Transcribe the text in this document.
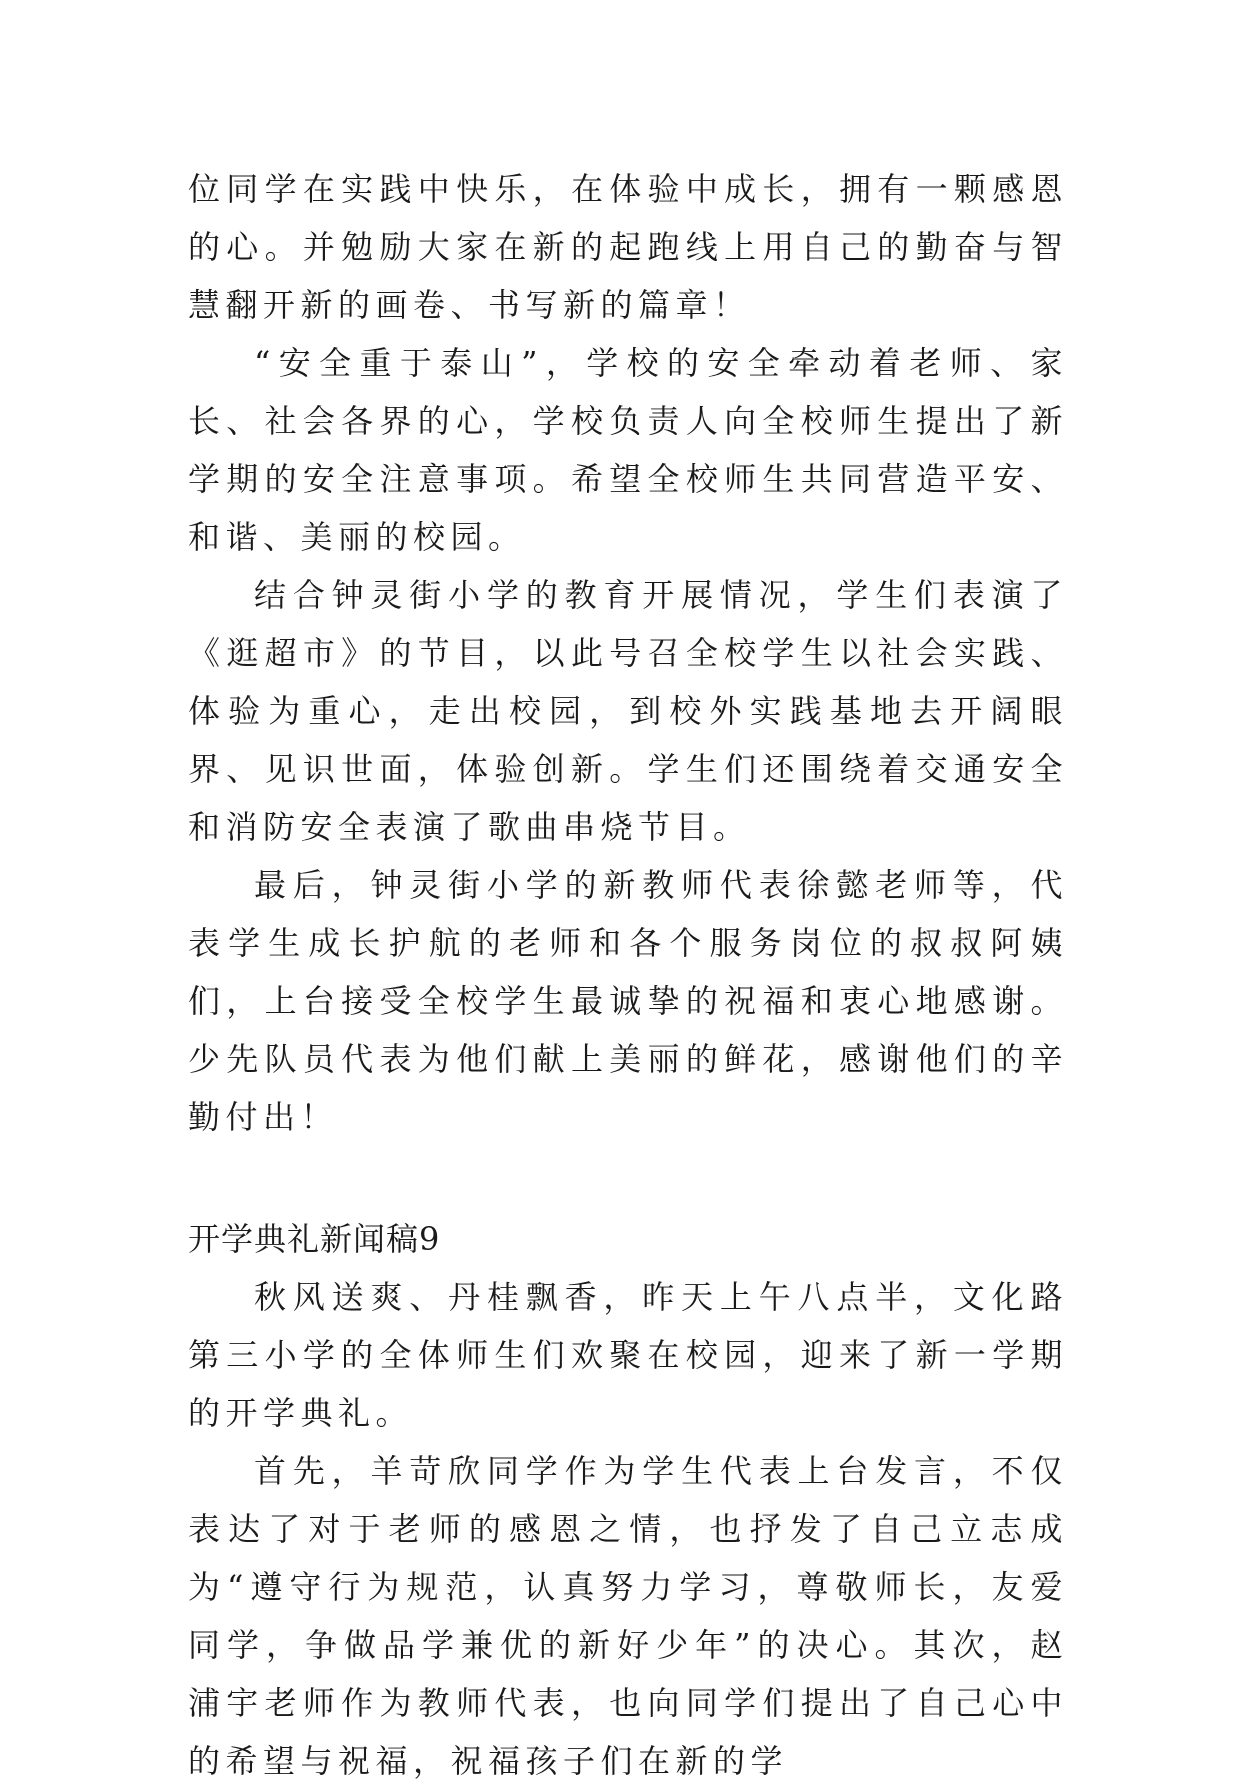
位同学在实践中快乐，在体验中成长，拥有一颗感恩的心。并勉励大家在新的起跑线上用自己的勤奋与智慧翻开新的画卷、书写新的篇章！

“安全重于泰山”，学校的安全牵动着老师、家长、社会各界的心，学校负责人向全校师生提出了新学期的安全注意事项。希望全校师生共同营造平安、和谐、美丽的校园。

结合钟灵街小学的教育开展情况，学生们表演了《逛超市》的节目，以此号召全校学生以社会实践、体验为重心，走出校园，到校外实践基地去开阔眼界、见识世面，体验创新。学生们还围绕着交通安全和消防安全表演了歌曲串烧节目。

最后，钟灵街小学的新教师代表徐懿老师等，代表学生成长护航的老师和各个服务岗位的叔叔阿姨们，上台接受全校学生最诚挚的祝福和衷心地感谢。少先队员代表为他们献上美丽的鲜花，感谢他们的辛勤付出！

开学典礼新闻稿9

秋风送爽、丹桂飘香，昨天上午八点半，文化路第三小学的全体师生们欢聚在校园，迎来了新一学期的开学典礼。

首先，羊苛欣同学作为学生代表上台发言，不仅表达了对于老师的感恩之情，也抒发了自己立志成为“遵守行为规范，认真努力学习，尊敬师长，友爱同学，争做品学兼优的新好少年”的决心。其次，赵浦宇老师作为教师代表，也向同学们提出了自己心中的希望与祝福，祝福孩子们在新的学
